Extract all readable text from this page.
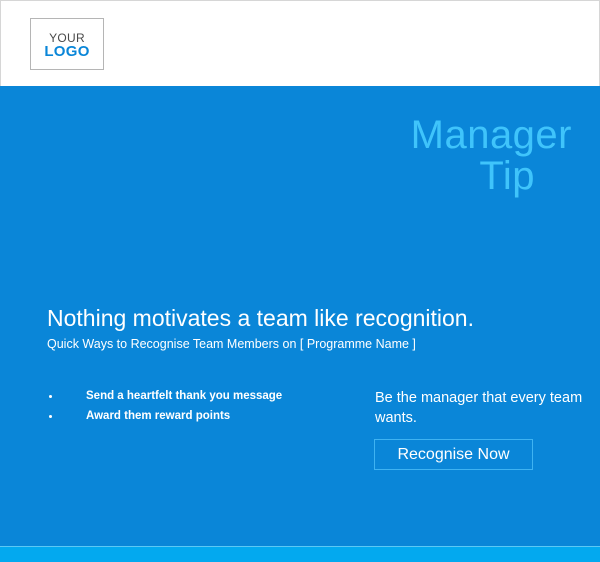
YOUR
LOGO
Manager
Tip
Nothing motivates a team like recognition.
Quick Ways to Recognise Team Members on [ Programme Name ]
Send a heartfelt thank you message
Award them reward points
Be the manager that every team wants.
Recognise Now
